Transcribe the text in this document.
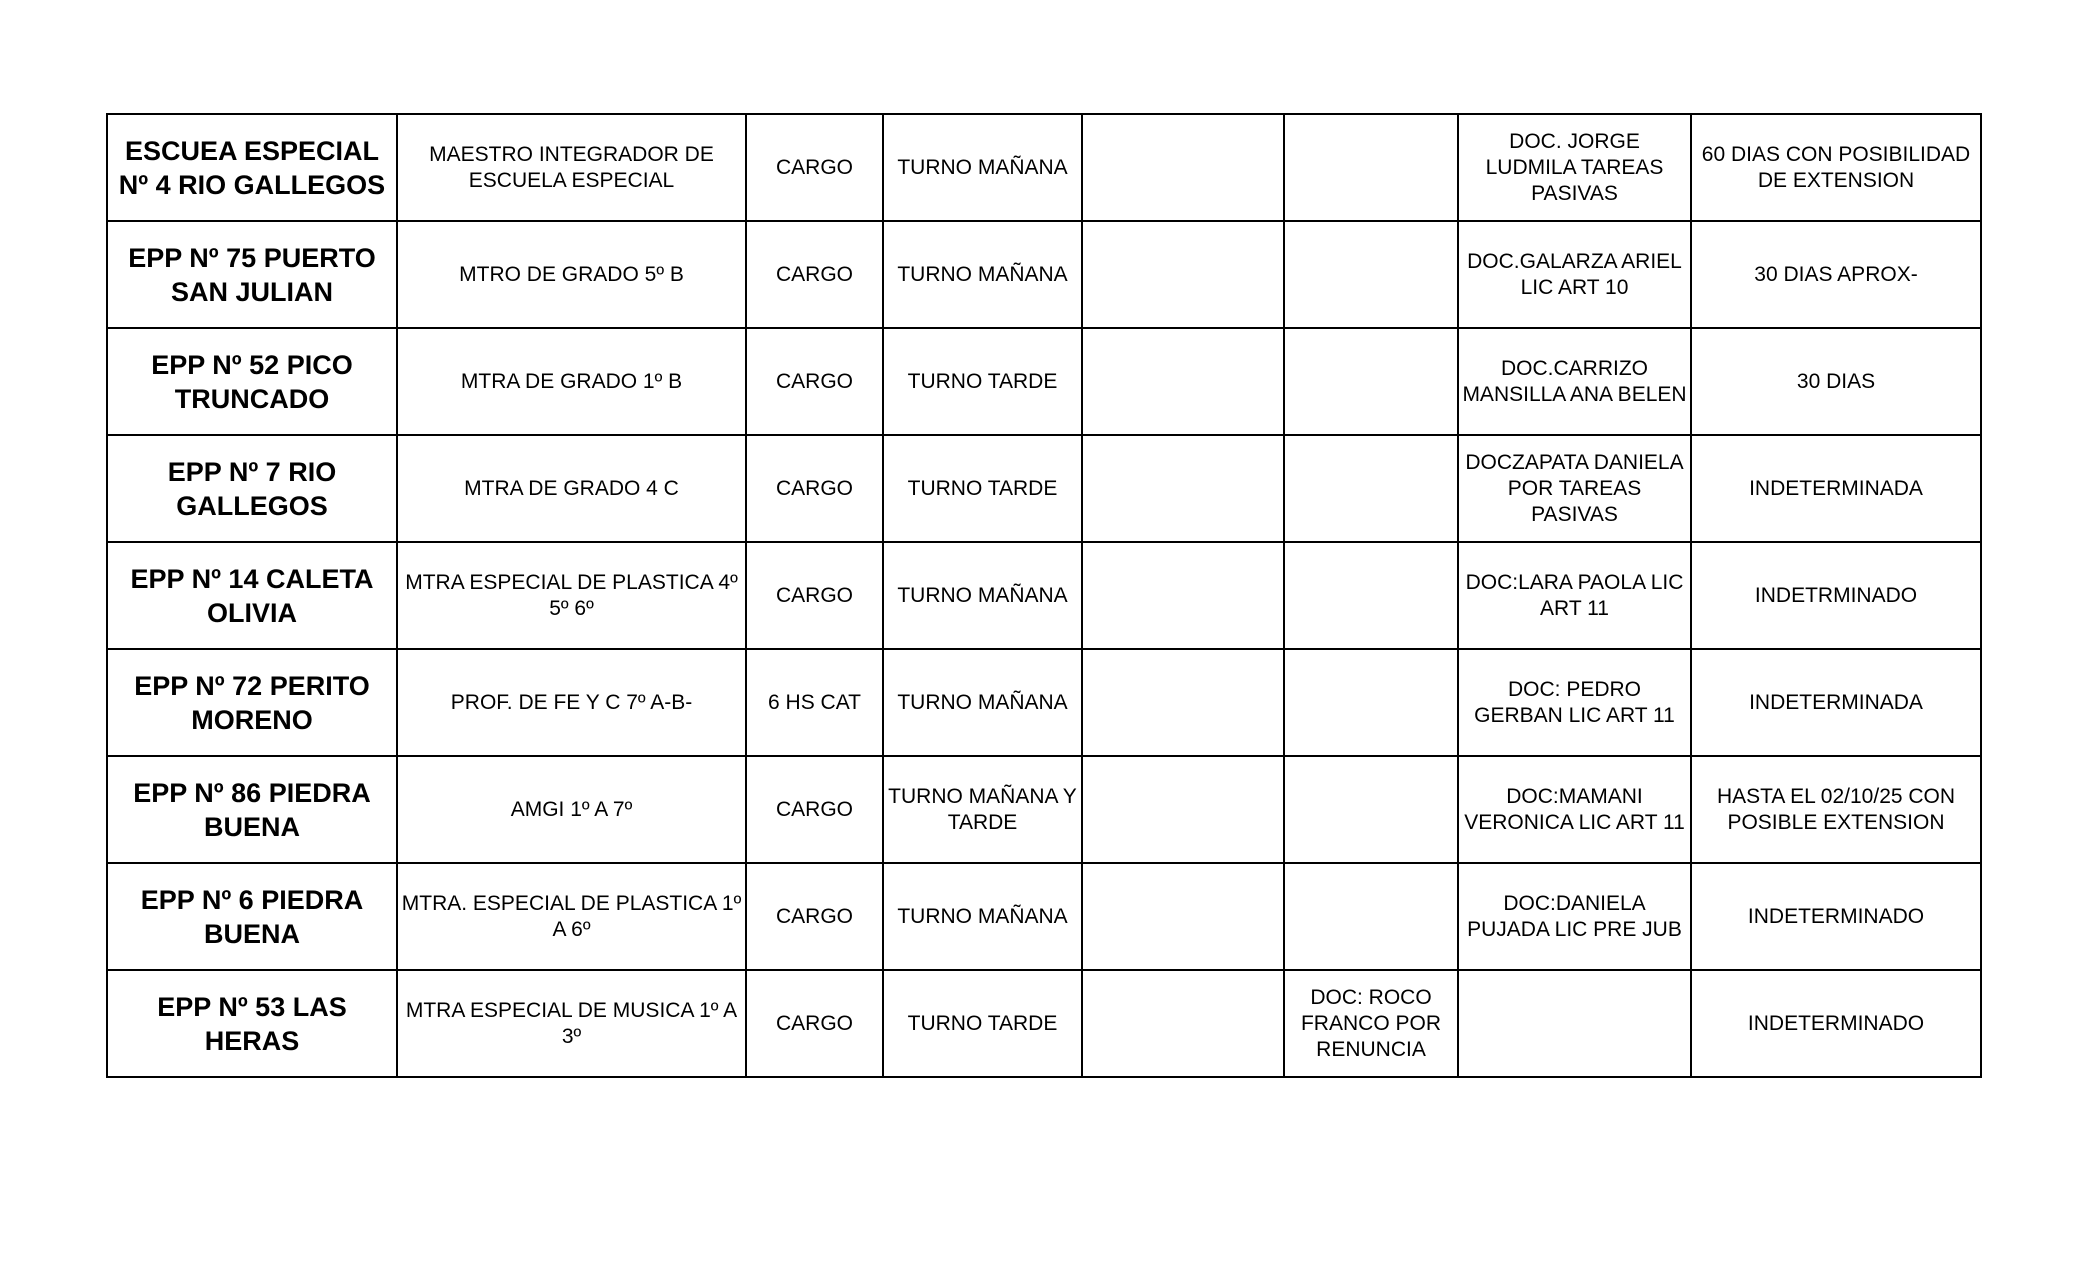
ESCUEA ESPECIAL Nº 4 RIO GALLEGOS	MAESTRO INTEGRADOR DE ESCUELA ESPECIAL	CARGO	TURNO MAÑANA			DOC. JORGE LUDMILA TAREAS PASIVAS	60 DIAS CON POSIBILIDAD DE EXTENSION
EPP Nº 75 PUERTO SAN JULIAN	MTRO DE GRADO 5º B	CARGO	TURNO MAÑANA			DOC.GALARZA ARIEL LIC ART 10	30 DIAS APROX-
EPP Nº 52 PICO TRUNCADO	MTRA DE GRADO 1º B	CARGO	TURNO TARDE			DOC.CARRIZO MANSILLA ANA BELEN	30 DIAS
EPP Nº 7 RIO GALLEGOS	MTRA DE GRADO 4 C	CARGO	TURNO TARDE			DOCZAPATA DANIELA POR TAREAS PASIVAS	INDETERMINADA
EPP Nº 14 CALETA OLIVIA	MTRA ESPECIAL DE PLASTICA 4º 5º 6º	CARGO	TURNO MAÑANA			DOC:LARA PAOLA LIC ART 11	INDETRMINADO
EPP Nº 72 PERITO MORENO	PROF. DE FE Y C 7º A-B-	6 HS CAT	TURNO MAÑANA			DOC: PEDRO GERBAN LIC ART 11	INDETERMINADA
EPP Nº 86 PIEDRA BUENA	AMGI 1º A 7º	CARGO	TURNO MAÑANA Y TARDE			DOC:MAMANI VERONICA LIC ART 11	HASTA EL 02/10/25 CON POSIBLE EXTENSION
EPP Nº 6 PIEDRA BUENA	MTRA. ESPECIAL DE PLASTICA 1º A 6º	CARGO	TURNO MAÑANA			DOC:DANIELA PUJADA LIC PRE JUB	INDETERMINADO
EPP Nº 53 LAS HERAS	MTRA ESPECIAL DE MUSICA 1º A 3º	CARGO	TURNO TARDE		DOC: ROCO FRANCO POR RENUNCIA		INDETERMINADO
